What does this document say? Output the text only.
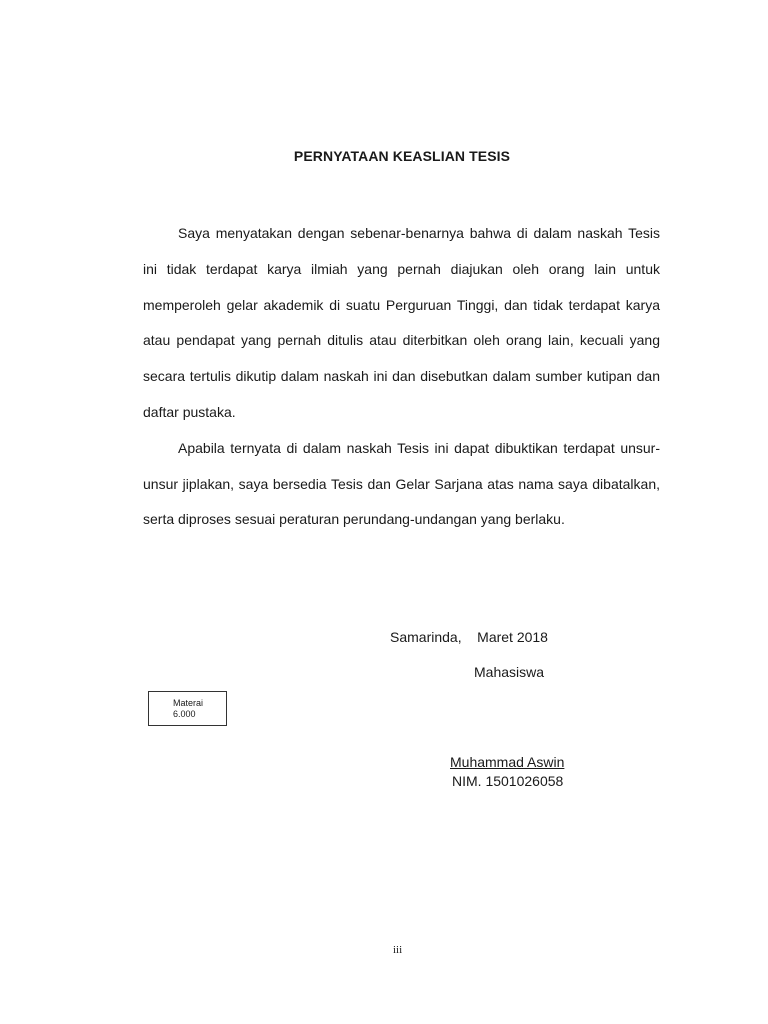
PERNYATAAN KEASLIAN TESIS

Saya menyatakan dengan sebenar-benarnya bahwa di dalam naskah Tesis ini tidak terdapat karya ilmiah yang pernah diajukan oleh orang lain untuk memperoleh gelar akademik di suatu Perguruan Tinggi, dan tidak terdapat karya atau pendapat yang pernah ditulis atau diterbitkan oleh orang lain, kecuali yang secara tertulis dikutip dalam naskah ini dan disebutkan dalam sumber kutipan dan daftar pustaka.

Apabila ternyata di dalam naskah Tesis ini dapat dibuktikan terdapat unsur-unsur jiplakan, saya bersedia Tesis dan Gelar Sarjana atas nama saya dibatalkan, serta diproses sesuai peraturan perundang-undangan yang berlaku.

Samarinda,    Maret 2018
Mahasiswa
Materai
6.000
Muhammad Aswin
NIM. 1501026058
iii
